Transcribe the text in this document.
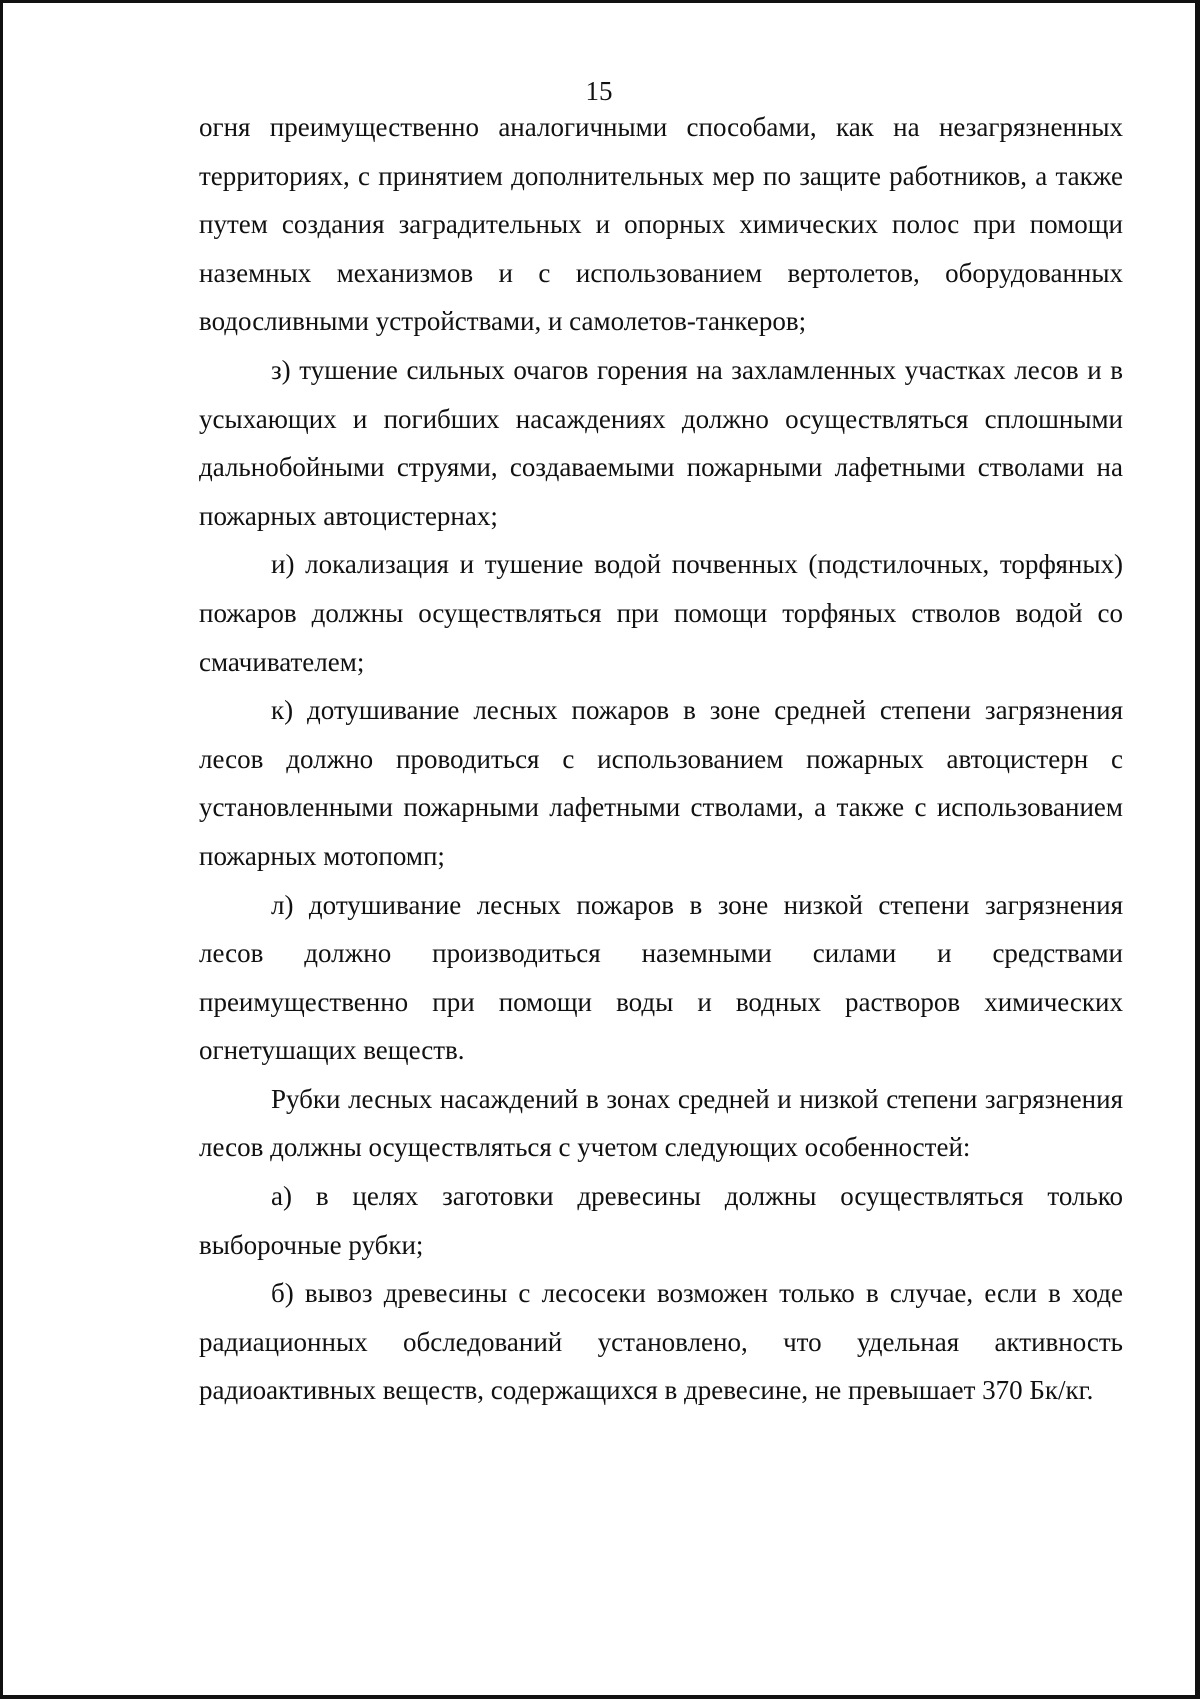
15

огня преимущественно аналогичными способами, как на незагрязненных территориях, с принятием дополнительных мер по защите работников, а также путем создания заградительных и опорных химических полос при помощи наземных механизмов и с использованием вертолетов, оборудованных водосливными устройствами, и самолетов-танкеров;

з) тушение сильных очагов горения на захламленных участках лесов и в усыхающих и погибших насаждениях должно осуществляться сплошными дальнобойными струями, создаваемыми пожарными лафетными стволами на пожарных автоцистернах;

и) локализация и тушение водой почвенных (подстилочных, торфяных) пожаров должны осуществляться при помощи торфяных стволов водой со смачивателем;

к) дотушивание лесных пожаров в зоне средней степени загрязнения лесов должно проводиться с использованием пожарных автоцистерн с установленными пожарными лафетными стволами, а также с использованием пожарных мотопомп;

л) дотушивание лесных пожаров в зоне низкой степени загрязнения лесов должно производиться наземными силами и средствами преимущественно при помощи воды и водных растворов химических огнетушащих веществ.

Рубки лесных насаждений в зонах средней и низкой степени загрязнения лесов должны осуществляться с учетом следующих особенностей:

а) в целях заготовки древесины должны осуществляться только выборочные рубки;

б) вывоз древесины с лесосеки возможен только в случае, если в ходе радиационных обследований установлено, что удельная активность радиоактивных веществ, содержащихся в древесине, не превышает 370 Бк/кг.
